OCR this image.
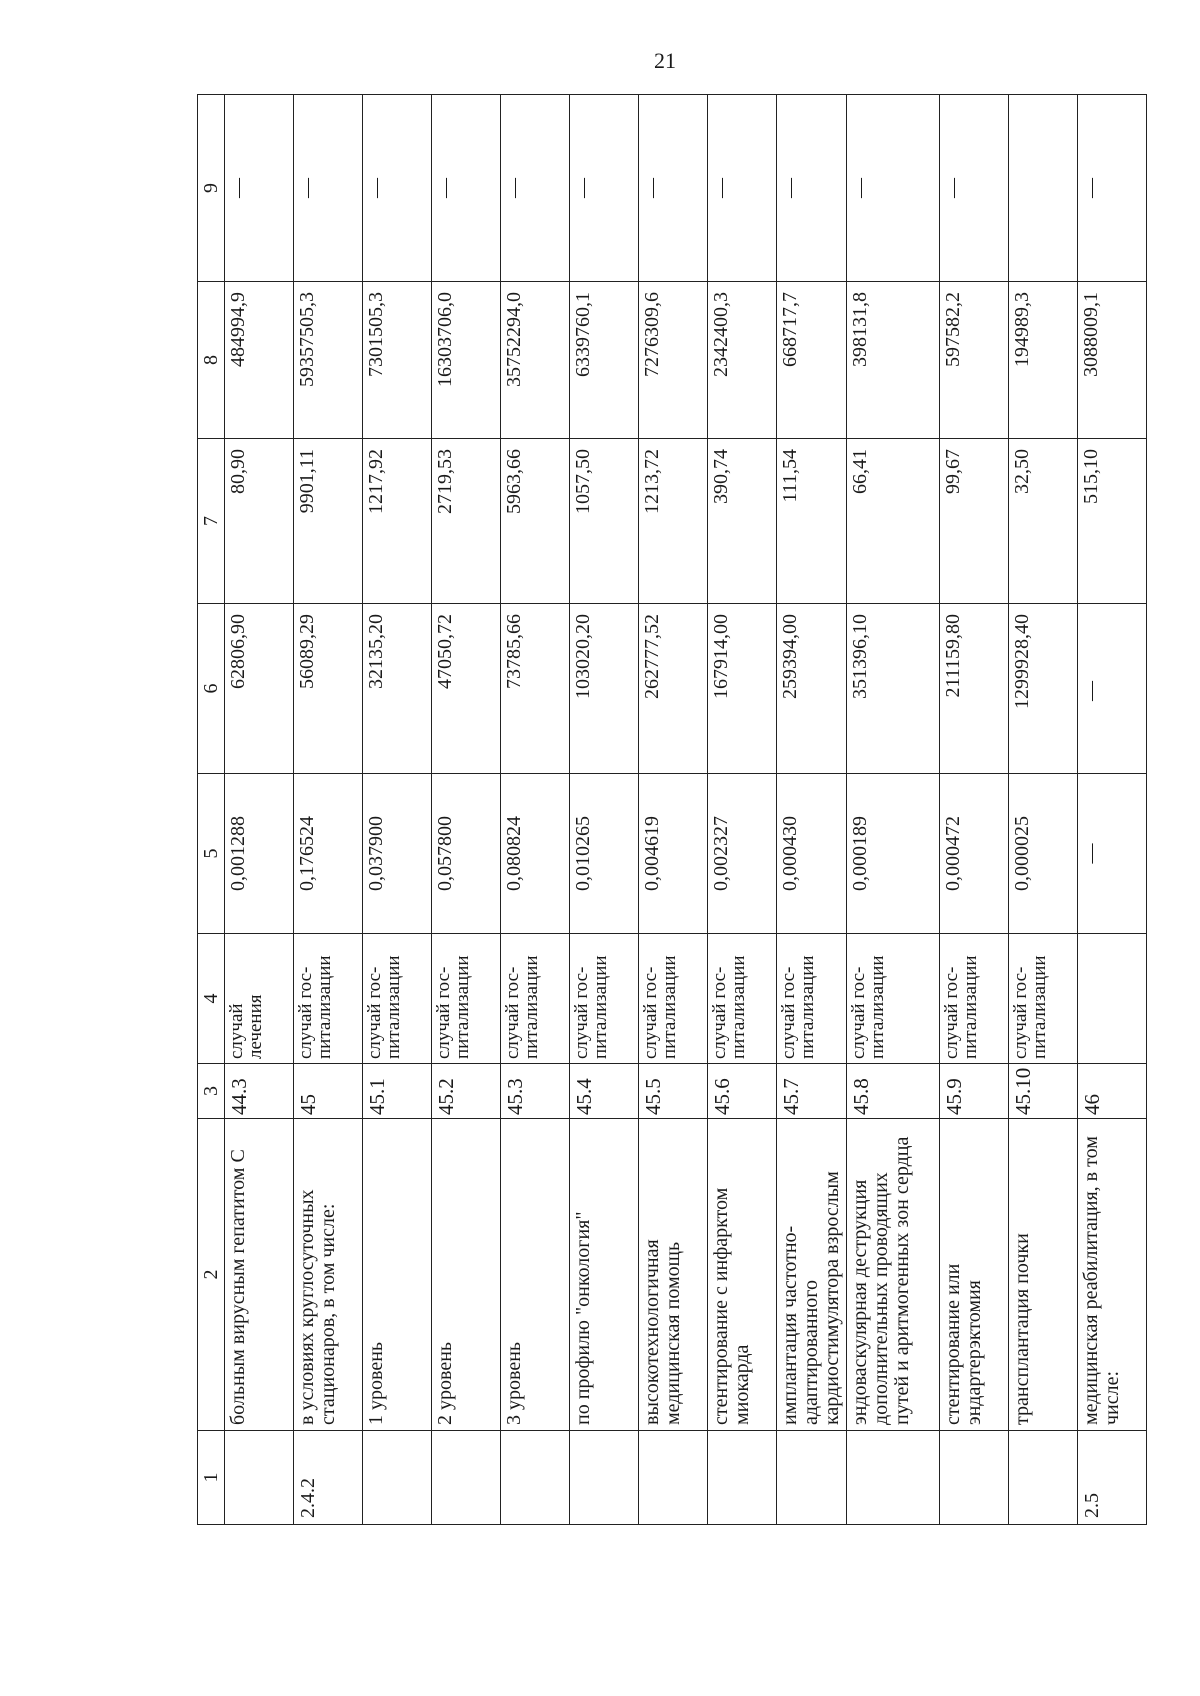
21
1	2	3	4	5	6	7	8	9
	больным вирусным гепатитом С	44.3	случай лечения	0,001288	62806,90	80,90	484994,9	—
2.4.2	в условиях круглосуточных стационаров, в том числе:	45	случай гос-питализации	0,176524	56089,29	9901,11	59357505,3	—
	1 уровень	45.1	случай гос-питализации	0,037900	32135,20	1217,92	7301505,3	—
	2 уровень	45.2	случай гос-питализации	0,057800	47050,72	2719,53	16303706,0	—
	3 уровень	45.3	случай гос-питализации	0,080824	73785,66	5963,66	35752294,0	—
	по профилю "онкология"	45.4	случай гос-питализации	0,010265	103020,20	1057,50	6339760,1	—
	высокотехнологичная медицинская помощь	45.5	случай гос-питализации	0,004619	262777,52	1213,72	7276309,6	—
	стентирование с инфарктом миокарда	45.6	случай гос-питализации	0,002327	167914,00	390,74	2342400,3	—
	имплантация частотно-адаптированного кардиостимулятора взрослым	45.7	случай гос-питализации	0,000430	259394,00	111,54	668717,7	—
	эндоваскулярная деструкция дополнительных проводящих путей и аритмогенных зон сердца	45.8	случай гос-питализации	0,000189	351396,10	66,41	398131,8	—
	стентирование или эндартерэктомия	45.9	случай гос-питализации	0,000472	211159,80	99,67	597582,2	—
	трансплантация почки	45.10	случай гос-питализации	0,000025	1299928,40	32,50	194989,3	
2.5	медицинская реабилитация, в том числе:	46		—	—	515,10	3088009,1	—
